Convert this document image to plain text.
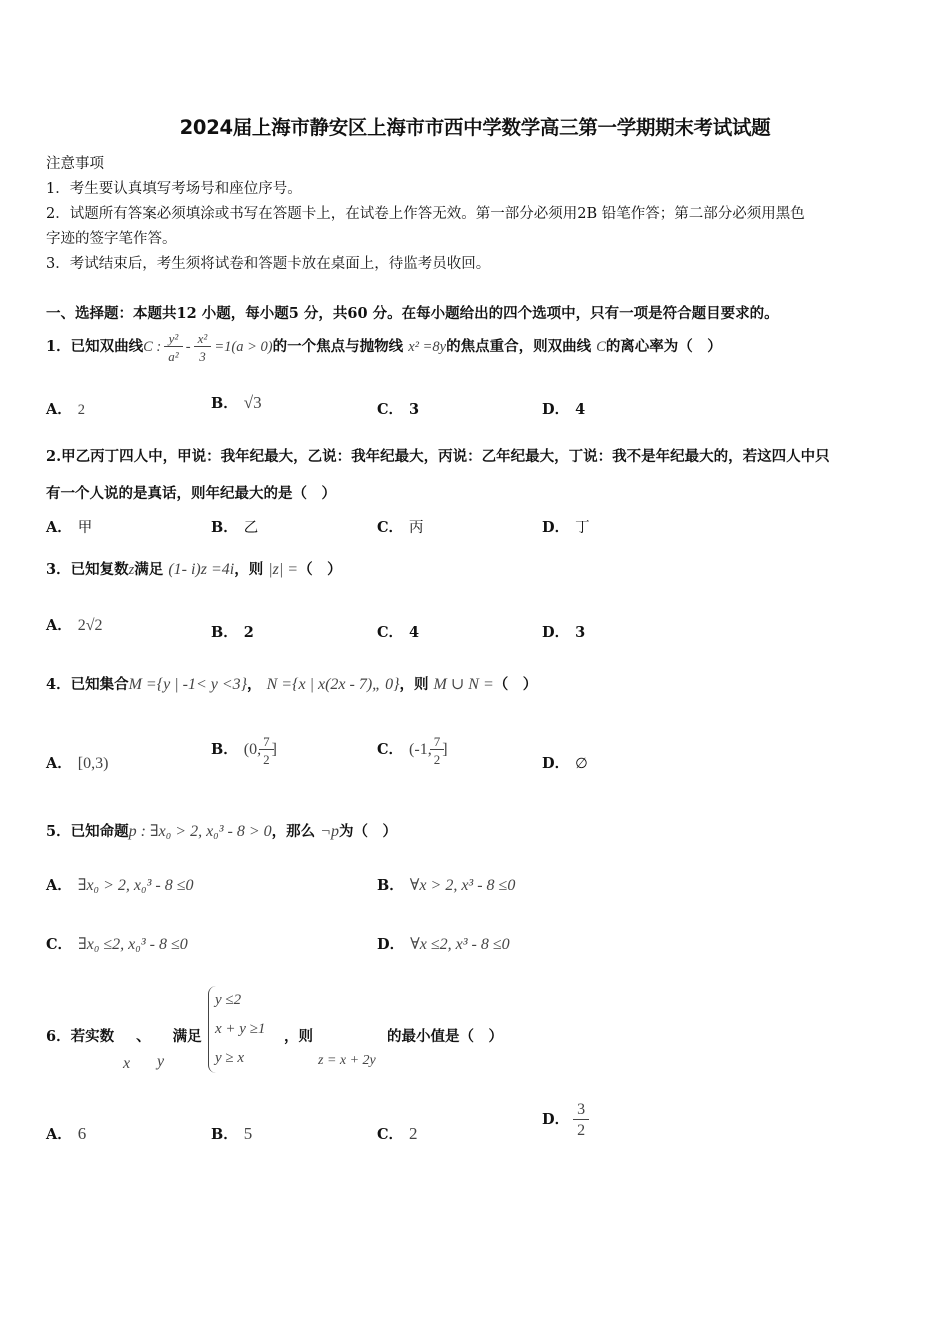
2024届上海市静安区上海市市西中学数学高三第一学期期末考试试题
注意事项
1．考生要认真填写考场号和座位序号。
2．试题所有答案必须填涂或书写在答题卡上，在试卷上作答无效。第一部分必须用2B 铅笔作答；第二部分必须用黑色
字迹的签字笔作答。
3．考试结束后，考生须将试卷和答题卡放在桌面上，待监考员收回。
一、选择题：本题共12 小题，每小题5 分，共60 分。在每小题给出的四个选项中，只有一项是符合题目要求的。
1．已知双曲线C : $\frac{\text{y²}}{\text{a²}} - \frac{\text{x²}}{3} =1(a > 0)$的一个焦点与抛物线 x² =8y的焦点重合，则双曲线 C的离心率为（　）
A． 2	B． √3	C． 3	D． 4
2.甲乙丙丁四人中，甲说：我年纪最大，乙说：我年纪最大，丙说：乙年纪最大，丁说：我不是年纪最大的，若这四人中只
有一个人说的是真话，则年纪最大的是（　）
A． 甲	B． 乙	C． 丙	D． 丁
3．已知复数z满足 (1- i)z =4i，则 |z| =（　）
A． 2√2	B． 2	C． 4	D． 3
4．已知集合M ={y | -1< y <3}， N ={x | x(2x - 7)„ 0}，则 M ∪ N =（　）
A． [0,3)
B． (0, $\frac{7}{2}$ ]	C． (-1, $\frac{7}{2}$ ]
D． ∅
5．已知命题p : ∃x₀ > 2, x₀³ - 8 > 0，那么 ¬p为（　）
A． ∃x₀ > 2, x₀³ - 8 ≤0	B． ∀x > 2, x³ - 8 ≤0
C． ∃x₀ ≤2, x₀³ - 8 ≤0	D． ∀x ≤2, x³ - 8 ≤0
6．若实数 、 满足
y ≤2
x + y ≥1
y ≥ x
，则	的最小值是（　）
x y	z = x + 2y
A． 6	B． 5	C． 2
D． $\frac{3}{2}$
